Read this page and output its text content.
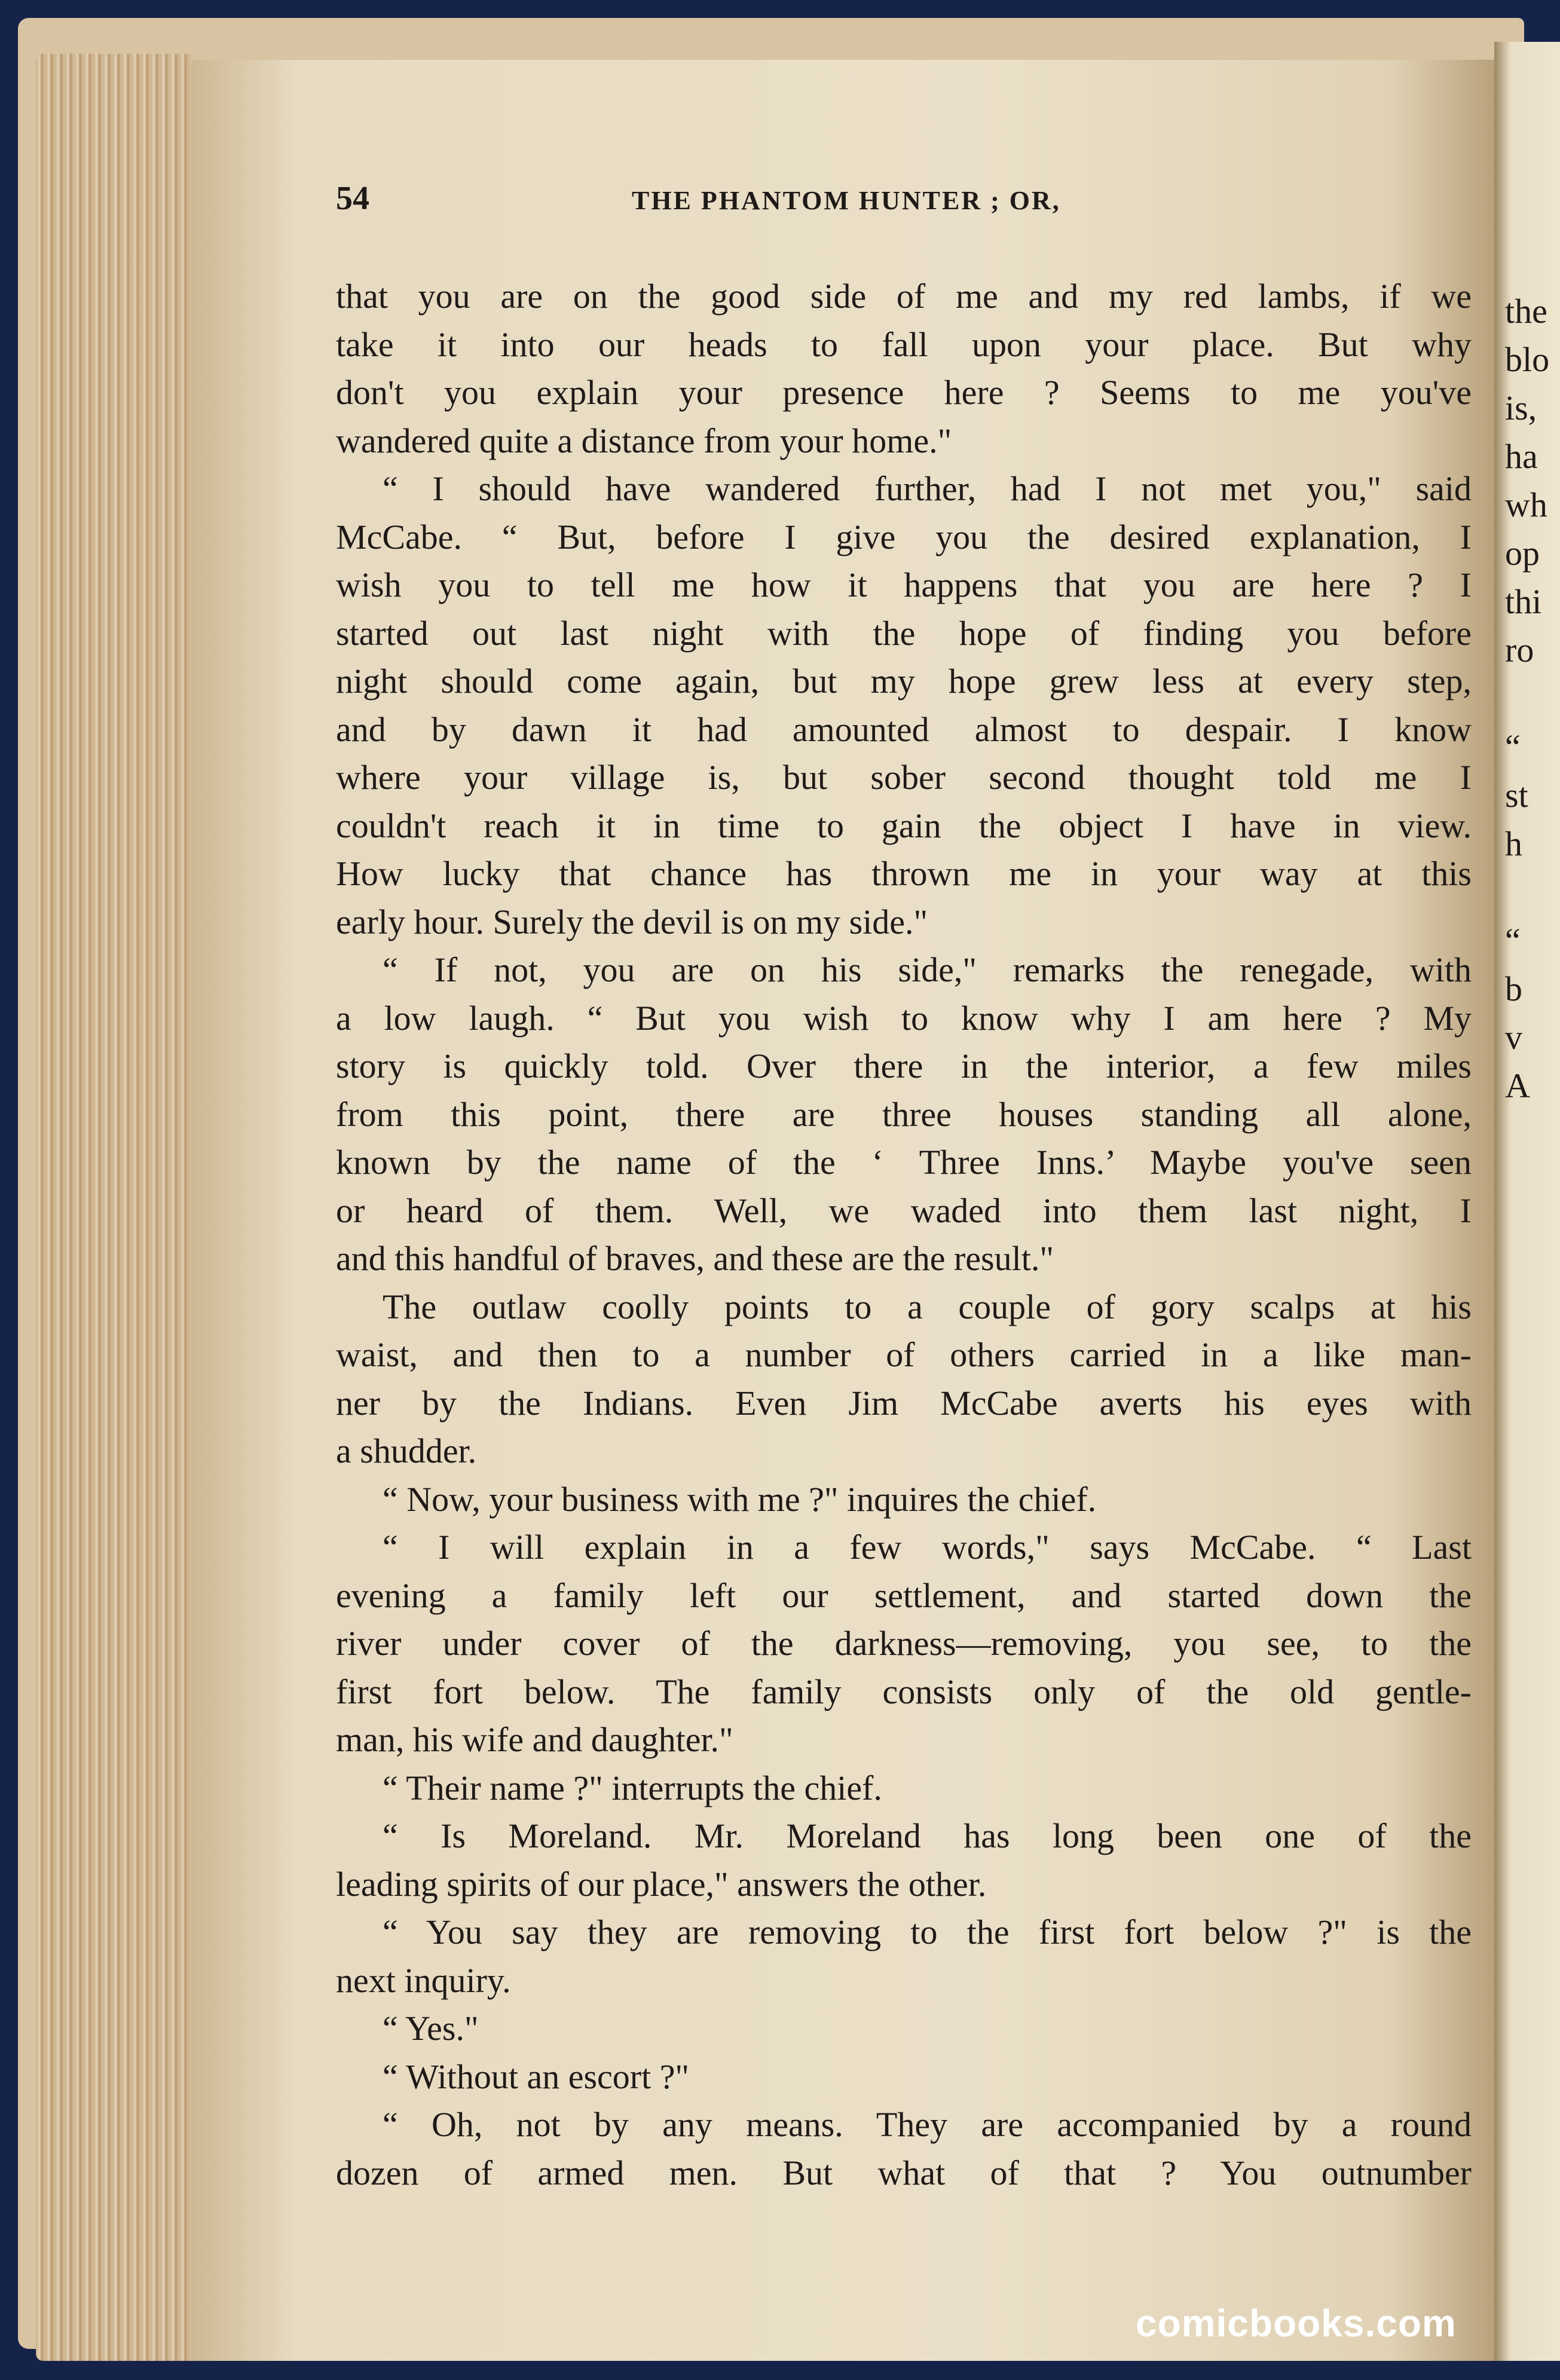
the
blo
is,
ha
wh
op
thi
ro
“
st
h
“
b
v
A
54	THE PHANTOM HUNTER ; OR,
that you are on the good side of me and my red lambs, if we
take it into our heads to fall upon your place. But why
don't you explain your presence here ? Seems to me you've
wandered quite a distance from your home."
“ I should have wandered further, had I not met you," said
McCabe. “ But, before I give you the desired explanation, I
wish you to tell me how it happens that you are here ? I
started out last night with the hope of finding you before
night should come again, but my hope grew less at every step,
and by dawn it had amounted almost to despair. I know
where your village is, but sober second thought told me I
couldn't reach it in time to gain the object I have in view.
How lucky that chance has thrown me in your way at this
early hour. Surely the devil is on my side."
“ If not, you are on his side," remarks the renegade, with
a low laugh. “ But you wish to know why I am here ? My
story is quickly told. Over there in the interior, a few miles
from this point, there are three houses standing all alone,
known by the name of the ‘ Three Inns.’ Maybe you've seen
or heard of them. Well, we waded into them last night, I
and this handful of braves, and these are the result."
The outlaw coolly points to a couple of gory scalps at his
waist, and then to a number of others carried in a like man-
ner by the Indians. Even Jim McCabe averts his eyes with
a shudder.
“ Now, your business with me ?" inquires the chief.
“ I will explain in a few words," says McCabe. “ Last
evening a family left our settlement, and started down the
river under cover of the darkness—removing, you see, to the
first fort below. The family consists only of the old gentle-
man, his wife and daughter."
“ Their name ?" interrupts the chief.
“ Is Moreland. Mr. Moreland has long been one of the
leading spirits of our place," answers the other.
“ You say they are removing to the first fort below ?" is the
next inquiry.
“ Yes."
“ Without an escort ?"
“ Oh, not by any means. They are accompanied by a round
dozen of armed men. But what of that ? You outnumber
comicbooks.com
